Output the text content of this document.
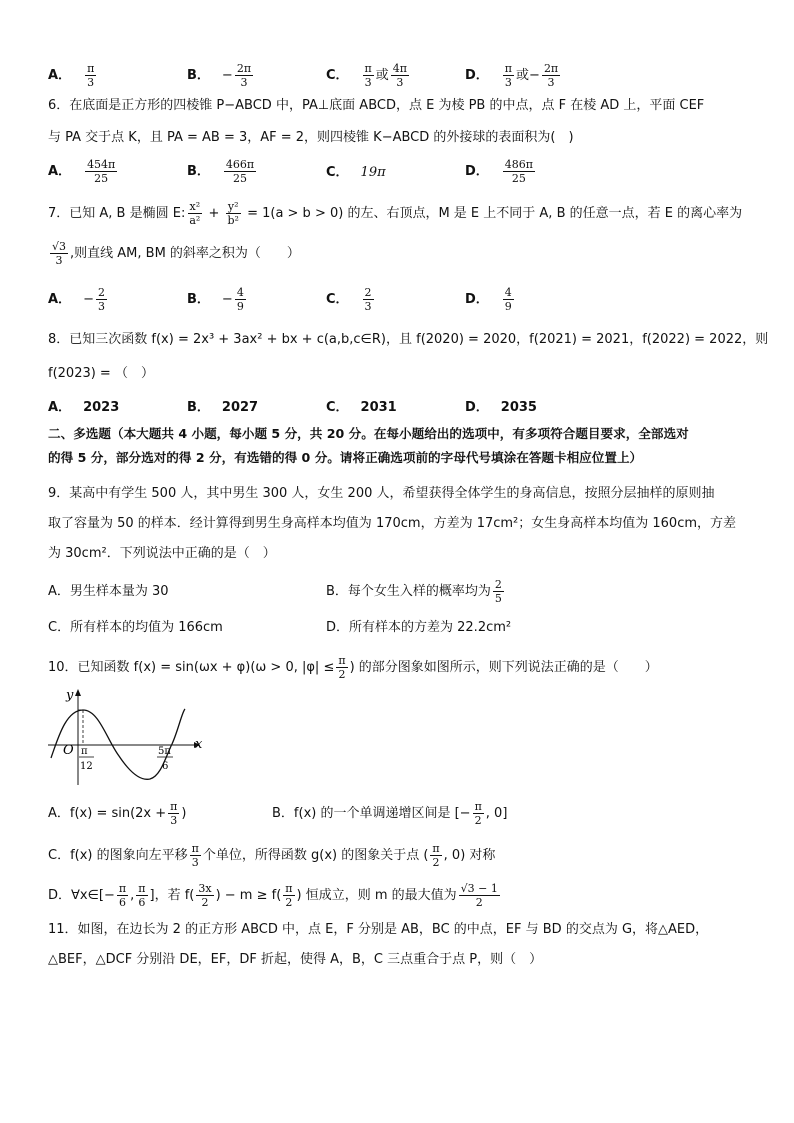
A． $\frac{\pi}{3}$	B． − $\frac{2\pi}{3}$	C． $\frac{\pi}{3}$ 或 $\frac{4\pi}{3}$	D． $\frac{\pi}{3}$ 或− $\frac{2\pi}{3}$
6．在底面是正方形的四棱锥 P−ABCD 中，PA⊥底面 ABCD，点 E 为棱 PB 的中点，点 F 在棱 AD 上，平面 CEF
与 PA 交于点 K，且 PA = AB = 3，AF = 2，则四棱锥 K−ABCD 的外接球的表面积为(　)
A． $\frac{454\pi}{25}$	B． $\frac{466\pi}{25}$	C． 19π	D． $\frac{486\pi}{25}$
7．已知 A, B 是椭圆 E: $\frac{\text{x²}}{\text{a²}} + \frac{\text{y²}}{\text{b²}} = 1(a > b > 0)$ 的左、右顶点，M 是 E 上不同于 A, B 的任意一点，若 E 的离心率为
$\frac{√3}{3}$ ,则直线 AM, BM 的斜率之积为（　　）
A． − $\frac{2}{3}$	B． − $\frac{4}{9}$	C． $\frac{2}{3}$	D． $\frac{4}{9}$
8．已知三次函数 f(x) = 2x³ + 3ax² + bx + c(a,b,c∈R)，且 f(2020) = 2020，f(2021) = 2021，f(2022) = 2022，则
f(2023) = （　）
A． 2023	B． 2027	C． 2031	D． 2035
二、多选题（本大题共 4 小题，每小题 5 分，共 20 分。在每小题给出的选项中，有多项符合题目要求，全部选对
的得 5 分，部分选对的得 2 分，有选错的得 0 分。请将正确选项前的字母代号填涂在答题卡相应位置上）
9．某高中有学生 500 人，其中男生 300 人，女生 200 人，希望获得全体学生的身高信息，按照分层抽样的原则抽
取了容量为 50 的样本．经计算得到男生身高样本均值为 170cm，方差为 17cm²；女生身高样本均值为 160cm，方差
为 30cm²．下列说法中正确的是（　）
A．男生样本量为 30	B．每个女生入样的概率均为 $\frac{2}{5}$
C．所有样本的均值为 166cm	D．所有样本的方差为 22.2cm²
10．已知函数 f(x) = sin(ωx + φ)(ω > 0, $|\varphi| \le \frac{\pi}{2}$ ) 的部分图象如图所示，则下列说法正确的是（　　）
y
x
O π
12
5π
6
A．$f(x) = \sin(2x + \frac{\pi}{3}$ )	B．f(x) 的一个单调递增区间是 [− $\frac{\pi}{2}$ , 0]
C．f(x) 的图象向左平移 $\frac{\pi}{3}$ 个单位，所得函数 g(x) 的图象关于点 ( $\frac{\pi}{2}$ , 0) 对称
D．∀x∈[− $\frac{\pi}{6}$ , $\frac{\pi}{6}$ ]，若 $f( \frac{3x}{2}$ ) − $m \ge f( \frac{\pi}{2}$ ) 恒成立，则 m 的最大值为 $\frac{√3 - 1}{2}$
11．如图，在边长为 2 的正方形 ABCD 中，点 E，F 分别是 AB，BC 的中点，EF 与 BD 的交点为 G，将△AED，
△BEF，△DCF 分别沿 DE，EF，DF 折起，使得 A，B，C 三点重合于点 P，则（　）
